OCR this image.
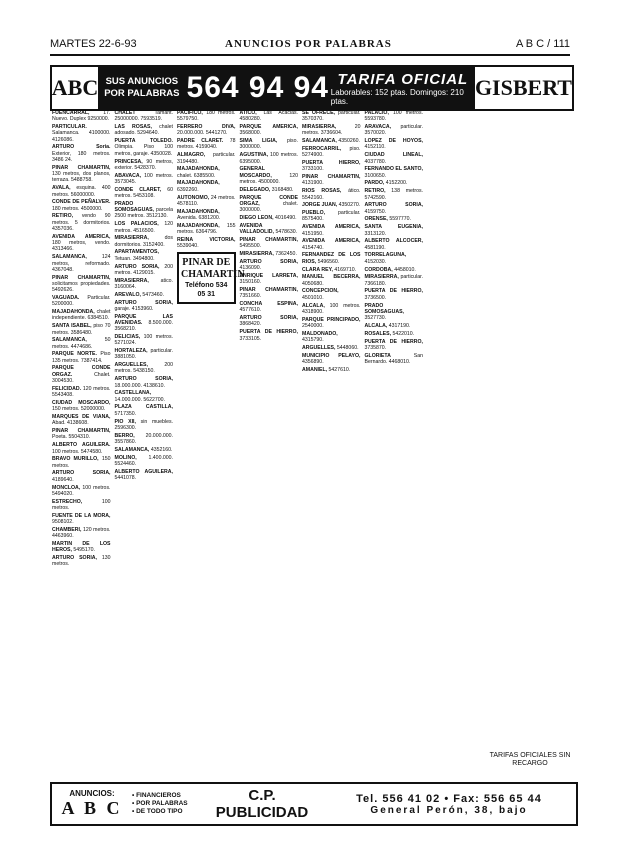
MARTES 22-6-93	ANUNCIOS POR PALABRAS	A B C / 111
ABC SUS ANUNCIOS POR PALABRAS 564 94 94 TARIFA OFICIAL
Laborables: 152 ptas. Domingos: 210 ptas.
GISBERT
FUENCARRAL,	17. Nuevo. Duplex 9250000.
PARTICULAR. Salamanca. 4100000. 4126086.
ARTURO Soria. Exterior, 180 metros. 3486 24.
PINAR CHAMARTIN, 130 metros, dos planos, terraza. 5488758.
AVALA, esquina. 400 metros. 56000000.
CONDE DE PEÑALVER. 180 metros. 4500000.
RETIRO, vendo 90 metros. 5 dormitorios. 4357036.
AVENIDA AMERICA, 180 metros, vendo. 4313466.
SALAMANCA,	124 metros, reformado. 4367048.
PINAR CHAMARTIN, solicitamos propiedades. 5492626.
VAGUADA. Particular. 5200000.
MAJADAHONDA, chalet independiente. 6384510.
SANTA ISABEL, piso 70 metros. 3586480.
SALAMANCA,	50 metros. 4474686.
PARQUE NORTE. Piso 135 metros. 7387414.
PARQUE CONDE ORGAZ.	Chalet. 3004530.
FELICIDAD. 120 metros. 5543408.
CIUDAD MOSCARDO, 150 metros. 52000000.
MARQUES DE VIANA, Abad. 4138608.
PINAR CHAMARTIN, Poeta. 5504310.
ALBERTO AGUILERA. 100 metros. 5474580.
BRAVO MURILLO, 150 metros.
ARTURO SORIA, 4189640.
MONCLOA, 100 metros. 5494020.
ESTRECHO,	100 metros.
FUENTE DE LA MORA, 9508102.
CHAMBERI, 120 metros. 4463960.
MARTIN DE LOS HEROS, 5495170.
ARTURO SORIA, 130 metros.
CHALET	Tamarit. 25000000. 7593519.
LAS ROSAS, chalet adosado. 5294640.
PUERTA TOLEDO. Olimpia. Piso 100 metros, garaje. 4350028.
PRINCESA, 90 metros, exterior. 5428370.
ABAVACA, 100 metros. 3573045.
CONDE CLARET, 60 metros. 5453108.
PRADO SOMOSAGUAS, parcela 2500 metros. 3512130.
LOS PALACIOS, 120 metros. 4516500.
MIRASIERRA,	dos dormitorios. 3152400.
APARTAMENTOS, Tetuan. 3494800.
ARTURO SORIA, 200 metros. 4129015.
MIRASIERRA, atico. 3160064.
AREVALO, 5473460.
ARTURO SORIA, garaje. 4153960.
PARQUE LAS AVENIDAS. 8.500.000. 3568210.
DELICIAS, 100 metros. 5271024.
HORTALEZA, particular. 3881050.
ARGUELLES,	200 metros. 5438150.
ARTURO SORIA, 18.000.000. 4138610.
CASTELLANA, 14.000.000. 5622700.
PLAZA CASTILLA, 5717350.
PIO XII, sin muebles. 2596300.
BERRO, 20.000.000. 3557860.
SALAMANCA, 4352160.
MOLINO, 1.400.000. 5524460.
ALBERTO AGUILERA, 5441078.
PACIFICO, 180 metros. 5579750.
FERRERO DIVA, 20.000.000. 5441270.
PADRE CLARET. 78 metros. 4159040.
ALMAGRO, particular. 3194480.
MAJADAHONDA, chalet. 6385500.
MAJADAHONDA, 6392260.
AUTONOMO, 24 metros. 4578110.
MAJADAHONDA, Avenida. 6381200.
MAJADAHONDA, 155 metros. 6364796.
REINA VICTORIA, 5539040.
PINAR DE
CHAMARTIN
Teléfono 534 05 31
ATICO, Las Acacias. 4580280.
PARQUE AMERICA, 3568000.
SIMA LIGIA, piso. 3000000.
AGUSTINA, 100 metros. 6395000.
GENERAL MOSCARDO,	120 metros. 4500000.
DELEGADO, 3168480.
PARQUE CONDE ORGAZ,	chalet. 3000000.
DIEGO LEON, 4016490.
AVENIDA VALLADOLID, 5478630.
PINAR CHAMARTIN, 5495500.
MIRASIERRA, 7362450.
ARTURO SORIA, 4136090.
ENRIQUE LARRETA, 3150160.
PINAR CHAMARTIN, 7351660.
CONCHA ESPINA, 4577610.
ARTURO SORIA, 3868420.
PUERTA DE HIERRO, 3733105.
SE OFRECE, particular. 3570370.
MIRASIERRA,	20 metros. 3736604.
SALAMANCA, 4350260.
FERROCARRIL, piso. 5274900.
PUERTA HIERRO, 3733100.
PINAR CHAMARTIN, 4131900.
RIOS ROSAS, ático. 5542160.
JORGE JUAN, 4350270.
PUEBLO, particular. 8575400.
AVENIDA AMERICA, 4151950.
AVENIDA AMERICA, 4154740.
FERNANDEZ DE LOS RIOS, 5496560.
CLARA REY, 4169710.
MANUEL BECERRA, 4050680.
CONCEPCION, 4501010.
ALCALA, 100 metros. 4318900.
PARQUE PRINCIPADO, 2540000.
MALDONADO, 4315790.
ARGUELLES, 5448060.
MUNICIPIO PELAYO, 4356890.
AMANIEL, 5427610.
PALACIO, 100 metros. 5593780.
ARAVACA, particular. 3570020.
LOPEZ DE HOYOS, 4152110.
CIUDAD LINEAL, 4037780.
FERNANDO EL SANTO, 3100650.
PARDO, 4152200.
RETIRO, 138 metros. 5742590.
ARTURO SORIA, 4159750.
ORENSE, 5597770.
SANTA EUGENIA, 3313120.
ALBERTO ALCOCER, 4581190.
TORRELAGUNA, 4152030.
CORDOBA, 4458010.
MIRASIERRA, particular. 7366180.
PUERTA DE HIERRO, 3736500.
PRADO SOMOSAGUAS, 3527730.
ALCALA, 4317190.
ROSALES, 5422010.
PUERTA DE HIERRO, 3735870.
GLORIETA	San Bernardo. 4468010.
ANUNCIOS:
A B C
• FINANCIEROS
• POR PALABRAS
• DE TODO TIPO
C.P. PUBLICIDAD
Tel. 556 41 02 • Fax: 556 65 44
General Perón, 38, bajo
TARIFAS OFICIALES SIN RECARGO
